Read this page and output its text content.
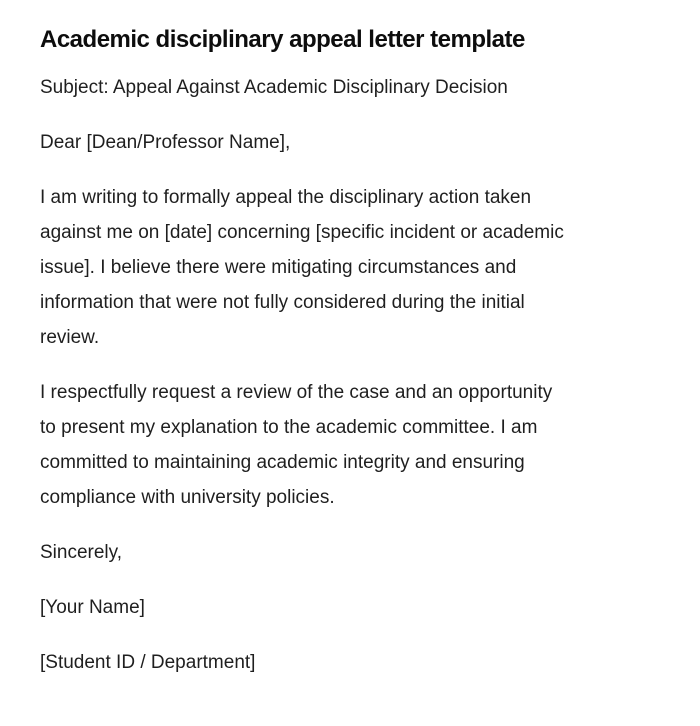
Academic disciplinary appeal letter template

Subject: Appeal Against Academic Disciplinary Decision

Dear [Dean/Professor Name],

I am writing to formally appeal the disciplinary action taken
against me on [date] concerning [specific incident or academic
issue]. I believe there were mitigating circumstances and
information that were not fully considered during the initial
review.

I respectfully request a review of the case and an opportunity
to present my explanation to the academic committee. I am
committed to maintaining academic integrity and ensuring
compliance with university policies.

Sincerely,

[Your Name]

[Student ID / Department]
